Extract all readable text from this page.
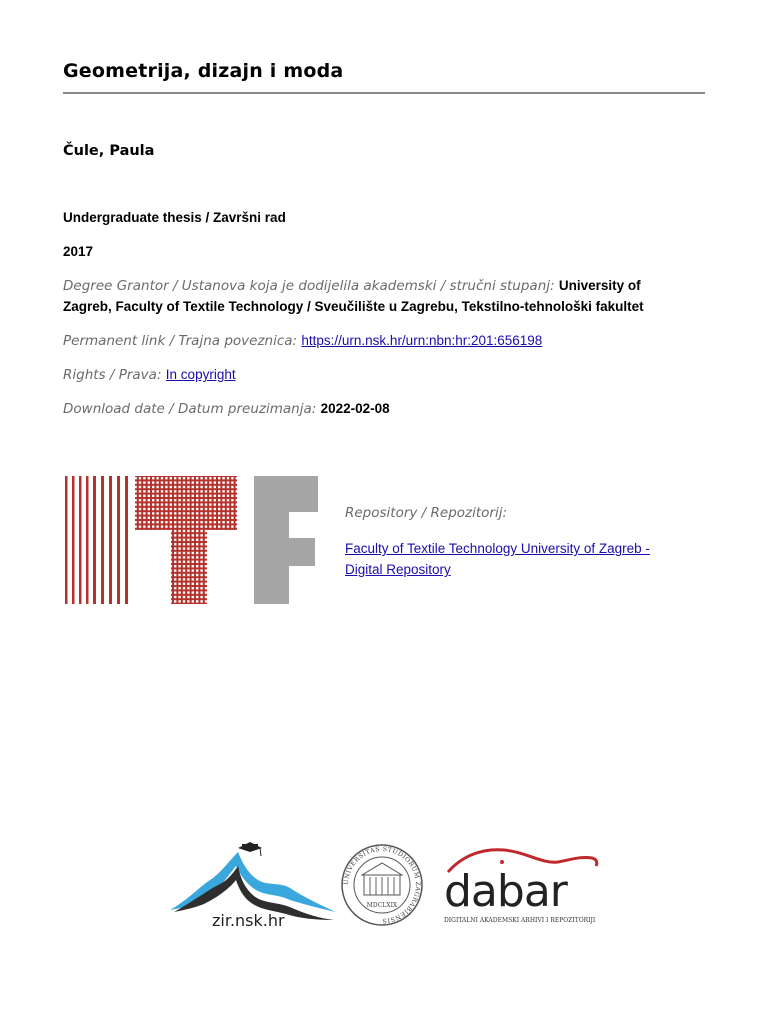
Geometrija, dizajn i moda
Čule, Paula
Undergraduate thesis / Završni rad
2017
Degree Grantor / Ustanova koja je dodijelila akademski / stručni stupanj: University of
Zagreb, Faculty of Textile Technology / Sveučilište u Zagrebu, Tekstilno-tehnološki fakultet
Permanent link / Trajna poveznica: https://urn.nsk.hr/urn:nbn:hr:201:656198
Rights / Prava: In copyright
Download date / Datum preuzimanja: 2022-02-08
Repository / Repozitorij:
Faculty of Textile Technology University of Zagreb -
Digital Repository
zir.nsk.hr
UNIVERSITAS STUDIORUM ZAGRABIENSIS
MDCLXIX dabar
DIGITALNI AKADEMSKI ARHIVI I REPOZITORIJI
